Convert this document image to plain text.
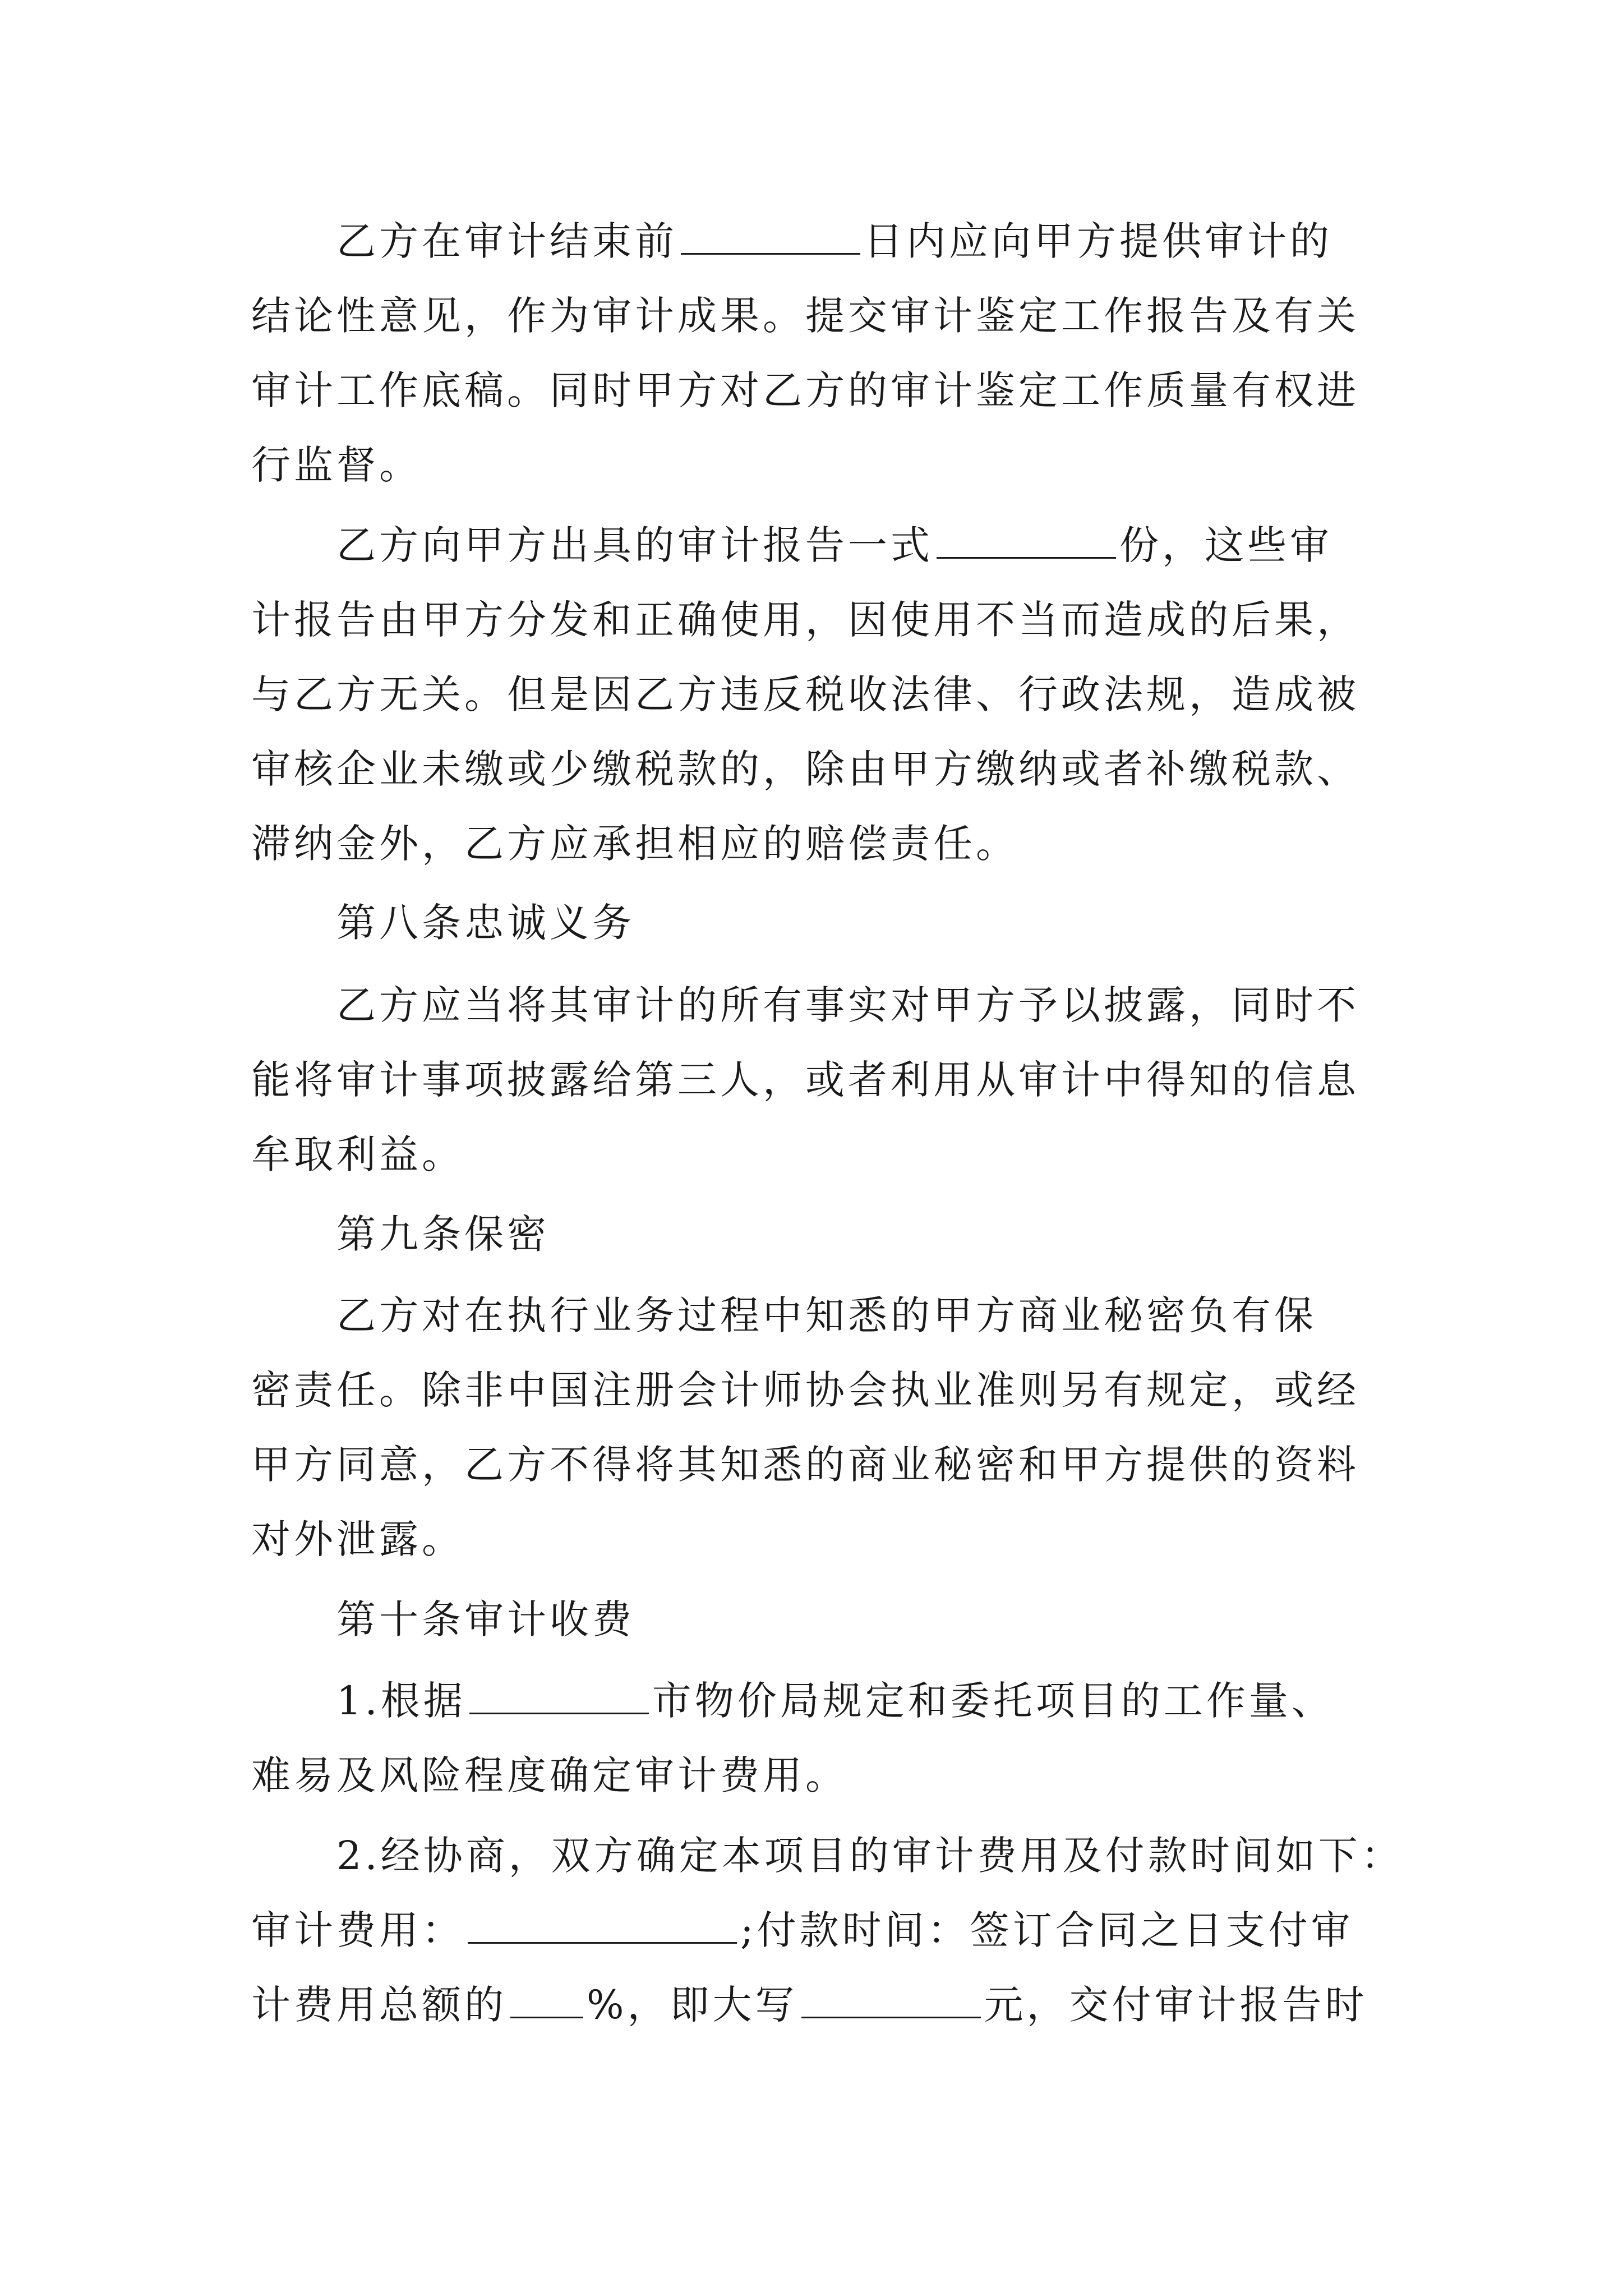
乙方在审计结束前	日内应向甲方提供审计的
结论性意见，作为审计成果。提交审计鉴定工作报告及有关
审计工作底稿。同时甲方对乙方的审计鉴定工作质量有权进
行监督。
乙方向甲方出具的审计报告一式	份，这些审
计报告由甲方分发和正确使用，因使用不当而造成的后果，
与乙方无关。但是因乙方违反税收法律、行政法规，造成被
审核企业未缴或少缴税款的，除由甲方缴纳或者补缴税款、
滞纳金外，乙方应承担相应的赔偿责任。
第八条忠诚义务
乙方应当将其审计的所有事实对甲方予以披露，同时不
能将审计事项披露给第三人，或者利用从审计中得知的信息
牟取利益。
第九条保密
乙方对在执行业务过程中知悉的甲方商业秘密负有保
密责任。除非中国注册会计师协会执业准则另有规定，或经
甲方同意，乙方不得将其知悉的商业秘密和甲方提供的资料
对外泄露。
第十条审计收费
1.根据	市物价局规定和委托项目的工作量、
难易及风险程度确定审计费用。
2.经协商，双方确定本项目的审计费用及付款时间如下：
审计费用：	;付款时间：签订合同之日支付审
计费用总额的 %，即大写	元，交付审计报告时
